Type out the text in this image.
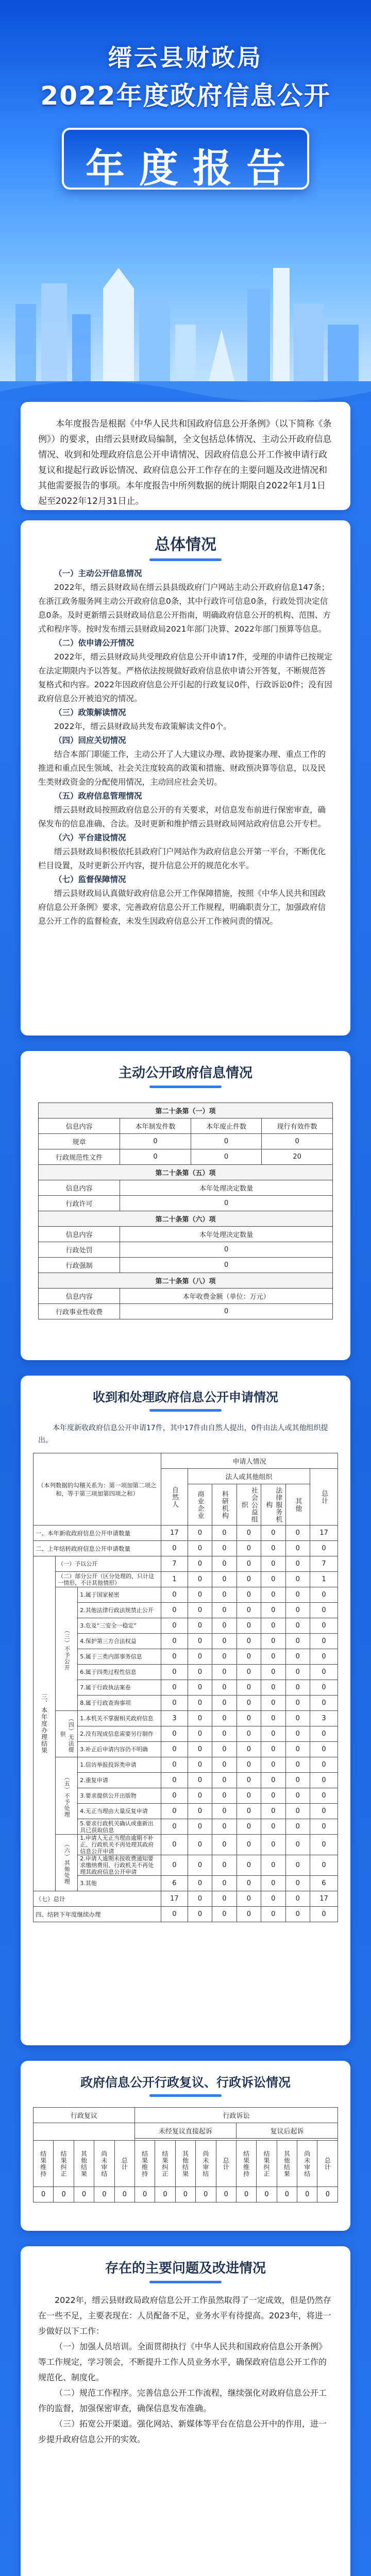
缙云县财政局
2022年度政府信息公开
年度报告
本年度报告是根据《中华人民共和国政府信息公开条例》（以下简称《条例》）的要求，由缙云县财政局编制，全文包括总体情况、主动公开政府信息情况、收到和处理政府信息公开申请情况、因政府信息公开工作被申请行政复议和提起行政诉讼情况、政府信息公开工作存在的主要问题及改进情况和其他需要报告的事项。本年度报告中所列数据的统计期限自2022年1月1日起至2022年12月31日止。
总体情况

（一）主动公开信息情况

2022年，缙云县财政局在缙云县县级政府门户网站主动公开政府信息147条；在浙江政务服务网主动公开政府信息0条，其中行政许可信息0条，行政处罚决定信息0条。及时更新缙云县财政局信息公开指南，明确政府信息公开的机构、范围、方式和程序等。按时发布缙云县财政局2021年部门决算、2022年部门预算等信息。

（二）依申请公开情况

2022年，缙云县财政局共受理政府信息公开申请17件，受理的申请件已按规定在法定期限内予以答复。严格依法按规做好政府信息依申请公开答复，不断规范答复格式和内容。2022年因政府信息公开引起的行政复议0件，行政诉讼0件；没有因政府信息公开被追究的情况。

（三）政策解读情况

2022年，缙云县财政局共发布政策解读文件0个。

（四）回应关切情况

结合本部门职能工作，主动公开了人大建议办理、政协提案办理、重点工作的推进和重点民生领域、社会关注度较高的政策和措施、财政预决算等信息，以及民生类财政资金的分配使用情况，主动回应社会关切。

（五）政府信息管理情况

缙云县财政局按照政府信息公开的有关要求，对信息发布前进行保密审查，确保发布的信息准确、合法。及时更新和维护缙云县财政局网站政府信息公开专栏。

（六）平台建设情况

缙云县财政局积极依托县政府门户网站作为政府信息公开第一平台，不断优化栏目设置，及时更新公开内容，提升信息公开的规范化水平。

（七）监督保障情况

缙云县财政局认真做好政府信息公开工作保障措施，按照《中华人民共和国政府信息公开条例》要求，完善政府信息公开工作规程，明确职责分工，加强政府信息公开工作的监督检查，未发生因政府信息公开工作被问责的情况。

主动公开政府信息情况
第二十条第（一）项			
信息内容	本年制发件数	本年废止件数	现行有效件数
规章	0	0	0
行政规范性文件	0	0	20
第二十条第（五）项			
信息内容	本年处理决定数量		
行政许可	0		
第二十条第（六）项			
信息内容	本年处理决定数量		
行政处罚	0		
行政强制	0		
第二十条第（八）项			
信息内容	本年收费金额（单位：万元）		
行政事业性收费	0		
收到和处理政府信息公开申请情况
本年度新收政府信息公开申请17件，其中17件由自然人提出，0件由法人或其他组织提出。
（本列数据的勾稽关系为：第一项加第二项之和，等于第三项加第四项之和）			申请人情况						
			自然人	法人或其他组织					总计
				商业企业	科研机构	社会公益组织	法律服务机构	其他	
一、本年新收政府信息公开申请数量			17	0	0	0	0	0	17
二、上年结转政府信息公开申请数量			0	0	0	0	0	0	0
三、本年度办理结果	（一）予以公开		7	0	0	0	0	0	7
	（二）部分公开（区分处理的，只计这一情形，不计其他情形）		1	0	0	0	0	0	1
	（三）不予公开	1.属于国家秘密	0	0	0	0	0	0	0
		2.其他法律行政法规禁止公开	0	0	0	0	0	0	0
		3.危及“三安全一稳定”	0	0	0	0	0	0	0
		4.保护第三方合法权益	0	0	0	0	0	0	0
		5.属于三类内部事务信息	0	0	0	0	0	0	0
		6.属于四类过程性信息	0	0	0	0	0	0	0
		7.属于行政执法案卷	0	0	0	0	0	0	0
		8.属于行政查询事项	0	0	0	0	0	0	0
	（四）无法提供	1.本机关不掌握相关政府信息	3	0	0	0	0	0	3
		2.没有现成信息需要另行制作	0	0	0	0	0	0	0
		3.补正后申请内容仍不明确	0	0	0	0	0	0	0
	（五）不予处理	1.信访举报投诉类申请	0	0	0	0	0	0	0
		2.重复申请	0	0	0	0	0	0	0
		3.要求提供公开出版物	0	0	0	0	0	0	0
		4.无正当理由大量反复申请	0	0	0	0	0	0	0
		5.要求行政机关确认或重新出具已获取信息	0	0	0	0	0	0	0
	（六）其他处理	1.申请人无正当理由逾期不补正、行政机关不再处理其政府信息公开申请	0	0	0	0	0	0	0
		2.申请人逾期未按收费通知要求缴纳费用、行政机关不再处理其政府信息公开申请	0	0	0	0	0	0	0
		3.其他	6	0	0	0	0	0	6
（七）总计			17	0	0	0	0	0	17
四、结转下年度继续办理			0	0	0	0	0	0	0
政府信息公开行政复议、行政诉讼情况
行政复议					行政诉讼									
					未经复议直接起诉					复议后起诉				

结果维持	结果纠正	其他结果	尚未审结	总计	结果维持	结果纠正	其他结果	尚未审结	总计	结果维持	结果纠正	其他结果	尚未审结	总计
0	0	0	0	0	0	0	0	0	0	0	0	0	0	0
存在的主要问题及改进情况

2022年，缙云县财政局政府信息公开工作虽然取得了一定成效，但是仍然存在一些不足，主要表现在：人员配备不足，业务水平有待提高。2023年，将进一步做好以下工作：

（一）加强人员培训。全面贯彻执行《中华人民共和国政府信息公开条例》等工作规定，学习领会，不断提升工作人员业务水平，确保政府信息公开工作的规范化、制度化。

（二）规范工作程序。完善信息公开工作流程，继续强化对政府信息公开工作的监督，加强保密审查，确保信息发布准确。

（三）拓宽公开渠道。强化网站、新媒体等平台在信息公开中的作用，进一步提升政府信息公开的实效。
